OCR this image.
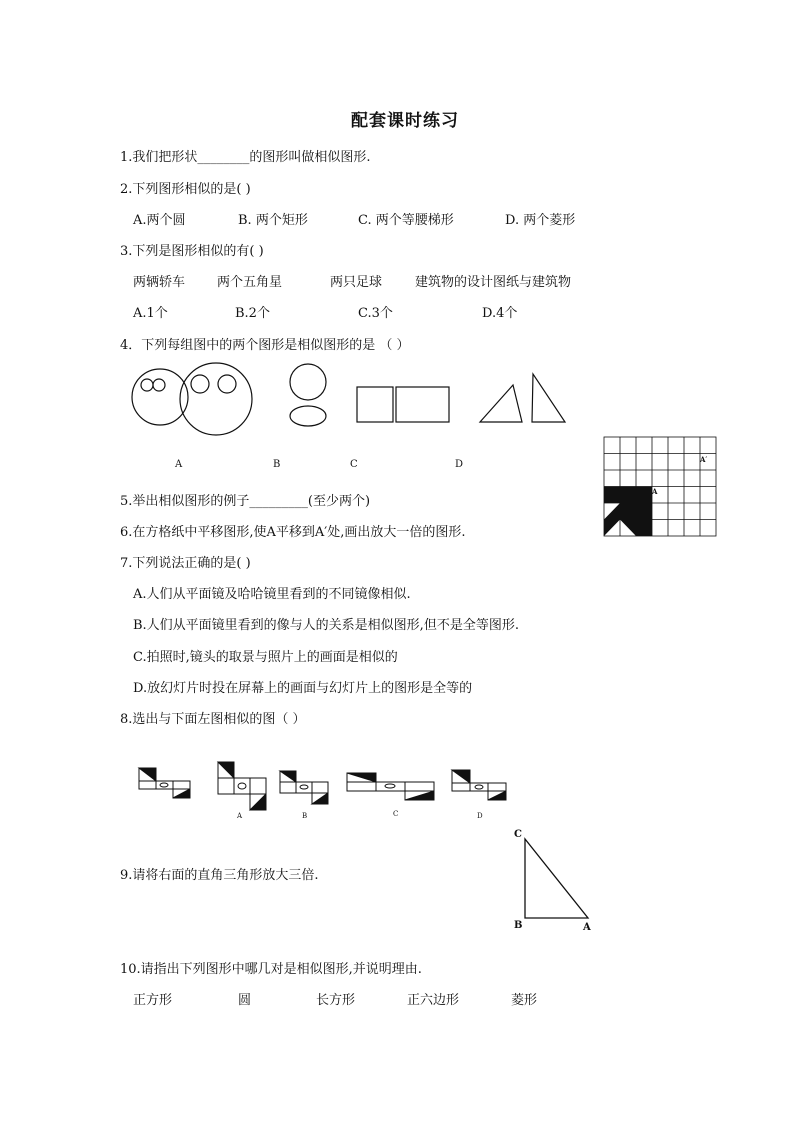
配套课时练习
1.我们把形状________的图形叫做相似图形.
2.下列图形相似的是( )
A.两个圆	B. 两个矩形	C. 两个等腰梯形	D. 两个菱形
3.下列是图形相似的有( )
两辆轿车 两个五角星	两只足球	建筑物的设计图纸与建筑物
A.1个	B.2个	C.3个	D.4个
4．下列每组图中的两个图形是相似图形的是 （ ）
A	B	C	D
A
A′
5.举出相似图形的例子_________(至少两个)
6.在方格纸中平移图形,使A平移到A′处,画出放大一倍的图形.
7.下列说法正确的是( )
A.人们从平面镜及哈哈镜里看到的不同镜像相似.
B.人们从平面镜里看到的像与人的关系是相似图形,但不是全等图形.
C.拍照时,镜头的取景与照片上的画面是相似的
D.放幻灯片时投在屏幕上的画面与幻灯片上的图形是全等的
8.选出与下面左图相似的图（ ）
A	B	C	D
9.请将右面的直角三角形放大三倍.
C
B	A
10.请指出下列图形中哪几对是相似图形,并说明理由.
正方形	圆	长方形	正六边形	菱形
